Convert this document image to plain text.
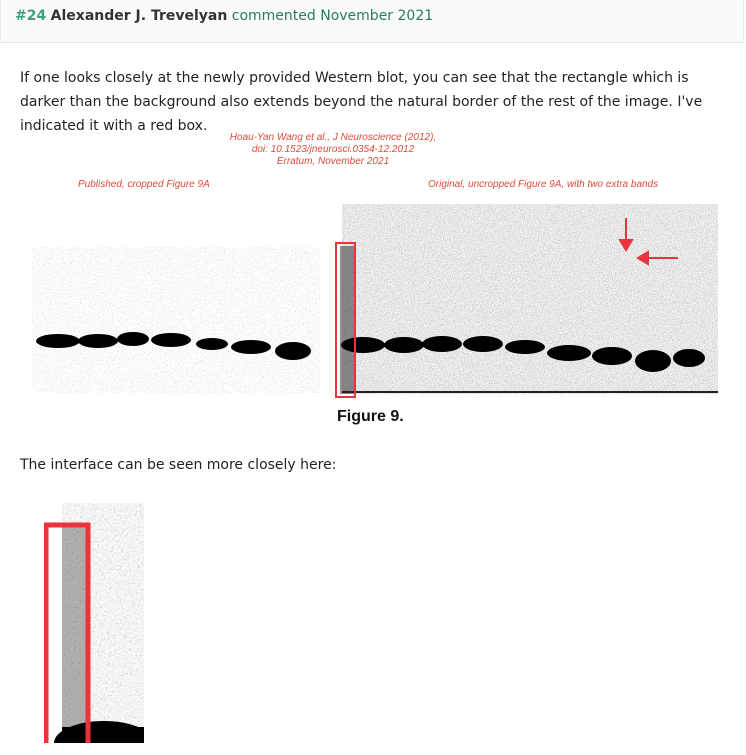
#24 Alexander J. Trevelyan commented November 2021
If one looks closely at the newly provided Western blot, you can see that the rectangle which is darker than the background also extends beyond the natural border of the rest of the image. I've indicated it with a red box.
Hoau-Yan Wang et al., J Neuroscience (2012),
doi: 10.1523/jneurosci.0354-12.2012
Erratum, November 2021
Published, cropped Figure 9A	Original, uncropped Figure 9A, with two extra bands
Figure 9.
The interface can be seen more closely here:
